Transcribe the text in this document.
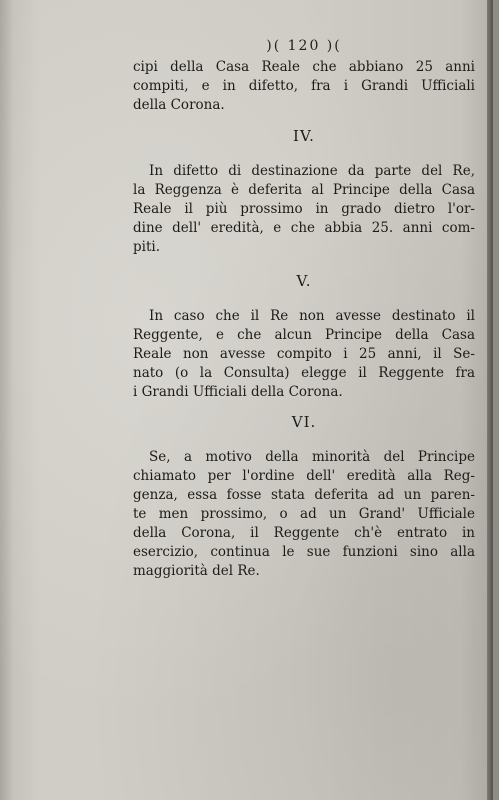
)( 120 )(
cipi della Casa Reale che abbiano 25 anni
compiti, e in difetto, fra i Grandi Ufficiali
della Corona.
IV.
In difetto di destinazione da parte del Re,
la Reggenza è deferita al Principe della Casa
Reale il più prossimo in grado dietro l'or-
dine dell' eredità, e che abbia 25. anni com-
piti.
V.
In caso che il Re non avesse destinato il
Reggente, e che alcun Principe della Casa
Reale non avesse compito i 25 anni, il Se-
nato (o la Consulta) elegge il Reggente fra
i Grandi Ufficiali della Corona.
VI.
Se, a motivo della minorità del Principe
chiamato per l'ordine dell' eredità alla Reg-
genza, essa fosse stata deferita ad un paren-
te men prossimo, o ad un Grand' Ufficiale
della Corona, il Reggente ch'è entrato in
esercizio, continua le sue funzioni sino alla
maggiorità del Re.
